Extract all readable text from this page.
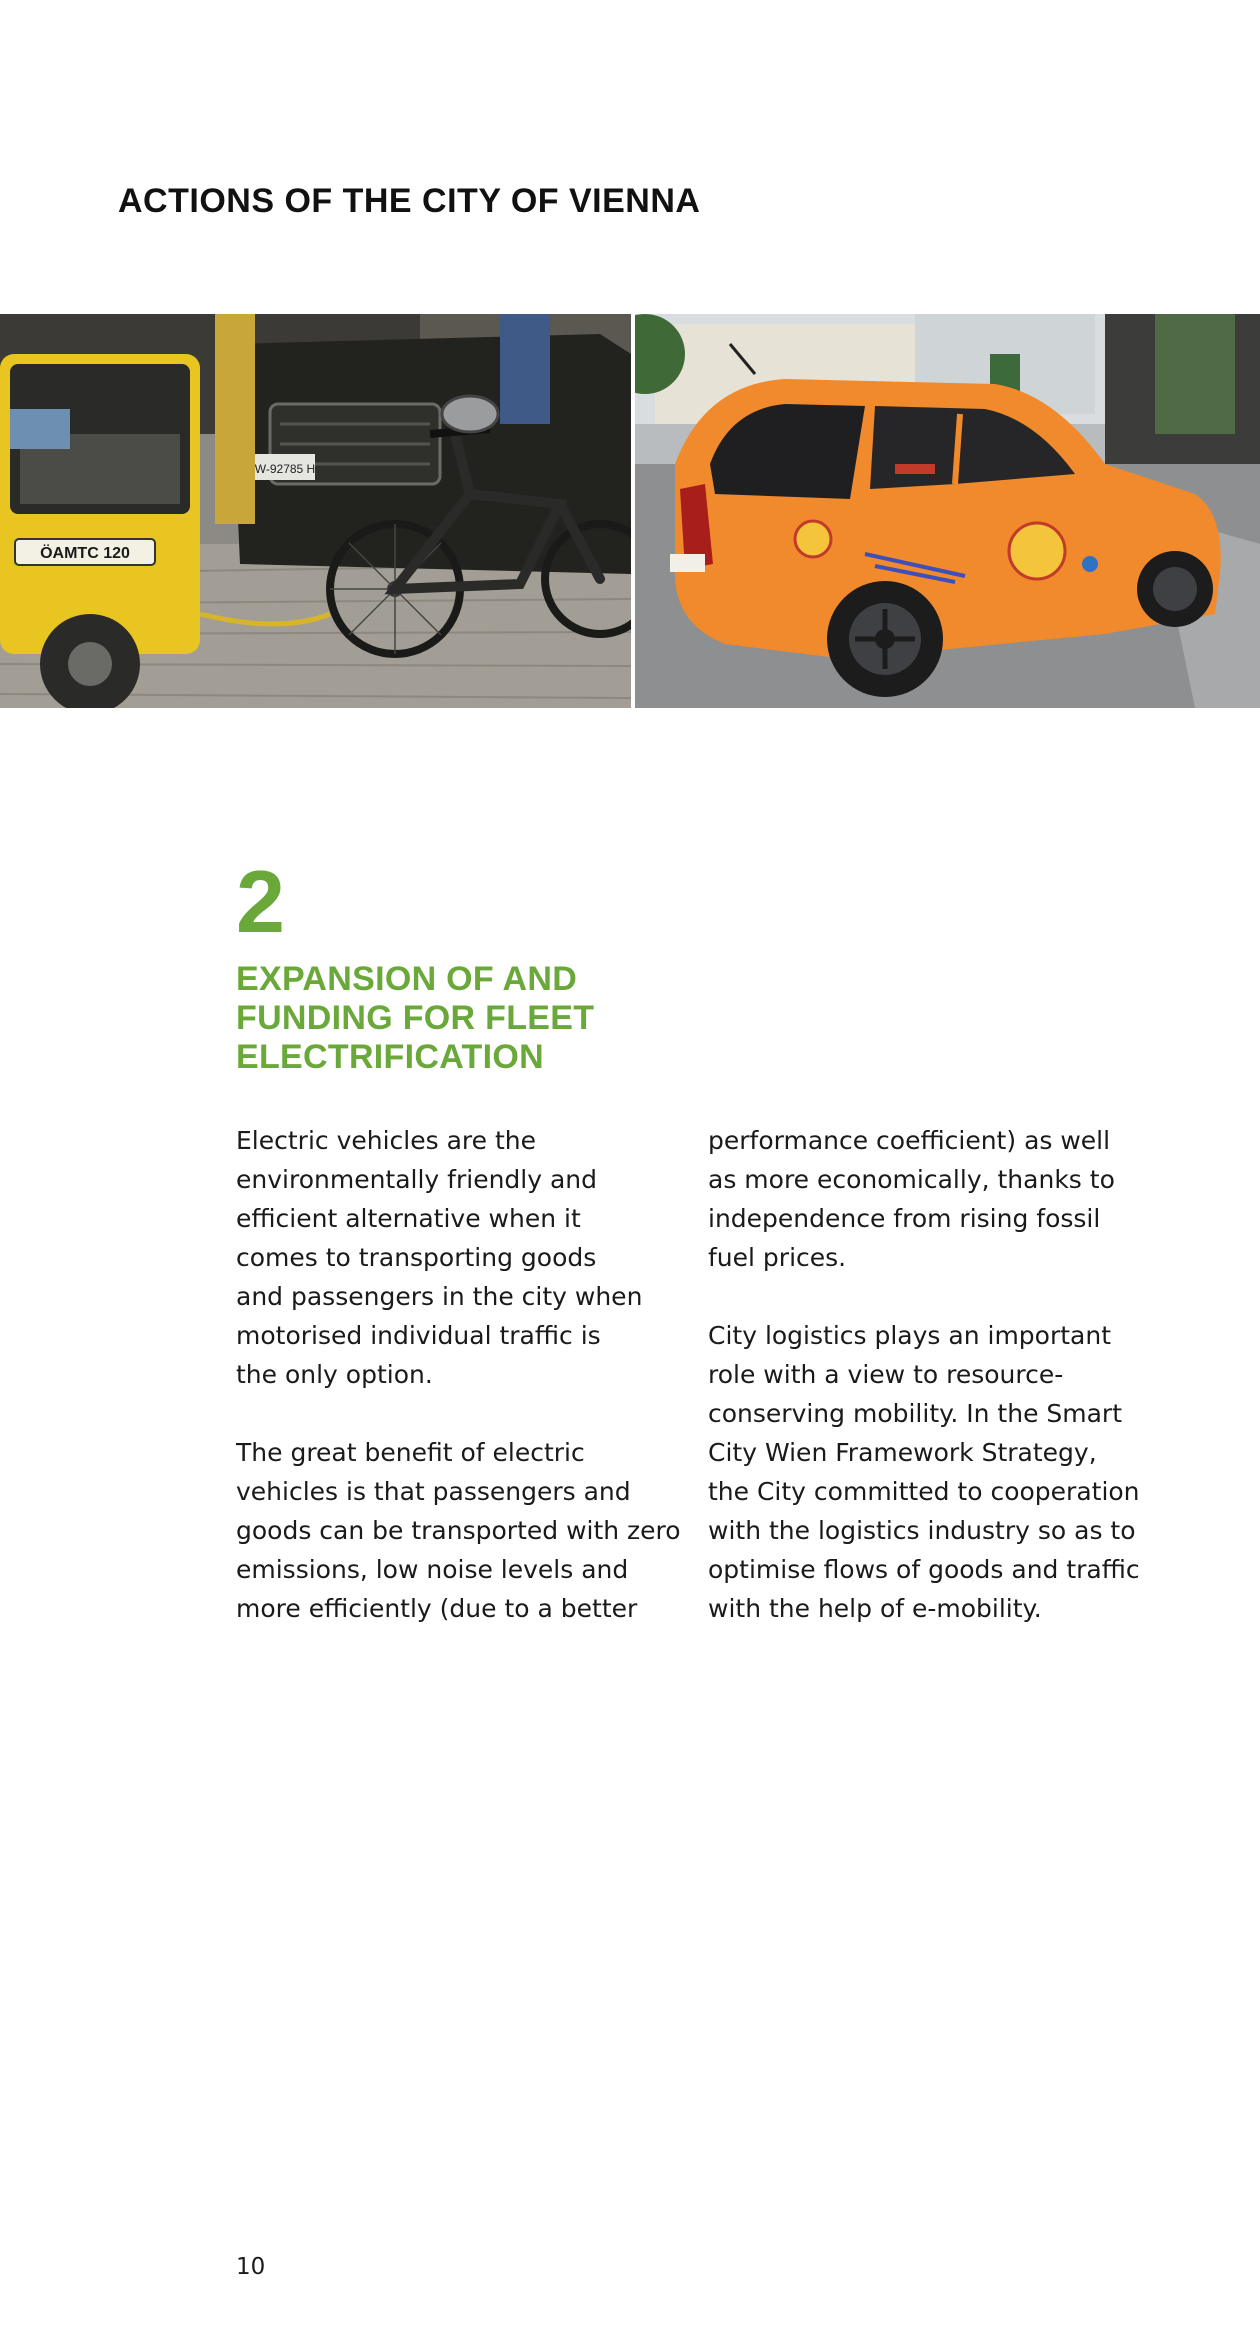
ACTIONS OF THE CITY OF VIENNA
W-92785 H
ÖAMTC 120
2
EXPANSION OF AND
FUNDING FOR FLEET
ELECTRIFICATION
Electric vehicles are the
environmentally friendly and
efficient alternative when it
comes to transporting goods
and passengers in the city when
motorised individual traffic is
the only option.
The great benefit of electric
vehicles is that passengers and
goods can be transported with zero
emissions, low noise levels and
more efficiently (due to a better
performance coefficient) as well
as more economically, thanks to
independence from rising fossil
fuel prices.
City logistics plays an important
role with a view to resource-
conserving mobility. In the Smart
City Wien Framework Strategy,
the City committed to cooperation
with the logistics industry so as to
optimise flows of goods and traffic
with the help of e-mobility.
10
